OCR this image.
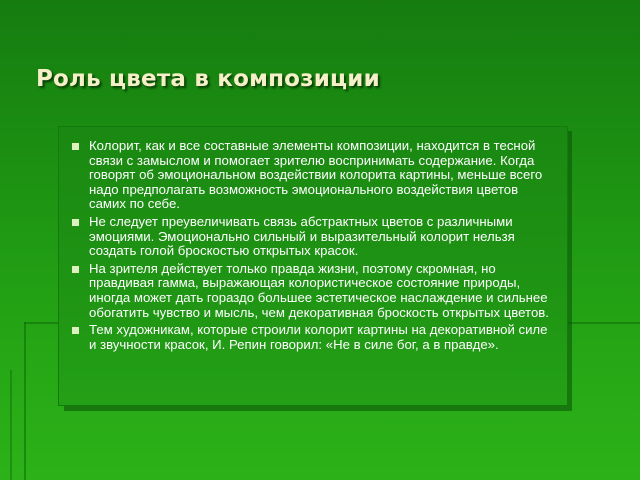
Роль цвета в композиции
Колорит, как и все составные элементы композиции, находится в тесной связи с замыслом и помогает зрителю воспринимать содержание. Когда говорят об эмоциональном воздействии колорита картины, меньше всего надо предполагать возможность эмоционального воздействия цветов самих по себе.
Не следует преувеличивать связь абстрактных цветов с различными эмоциями. Эмоционально сильный и выразительный колорит нельзя создать голой броскостью открытых красок.
На зрителя действует только правда жизни, поэтому скромная, но правдивая гамма, выражающая колористическое состояние природы, иногда может дать гораздо большее эстетическое наслаждение и сильнее обогатить чувство и мысль, чем декоративная броскость открытых цветов.
Тем художникам, которые строили колорит картины на декоративной силе и звучности красок, И. Репин говорил: «Не в силе бог, а в правде».
